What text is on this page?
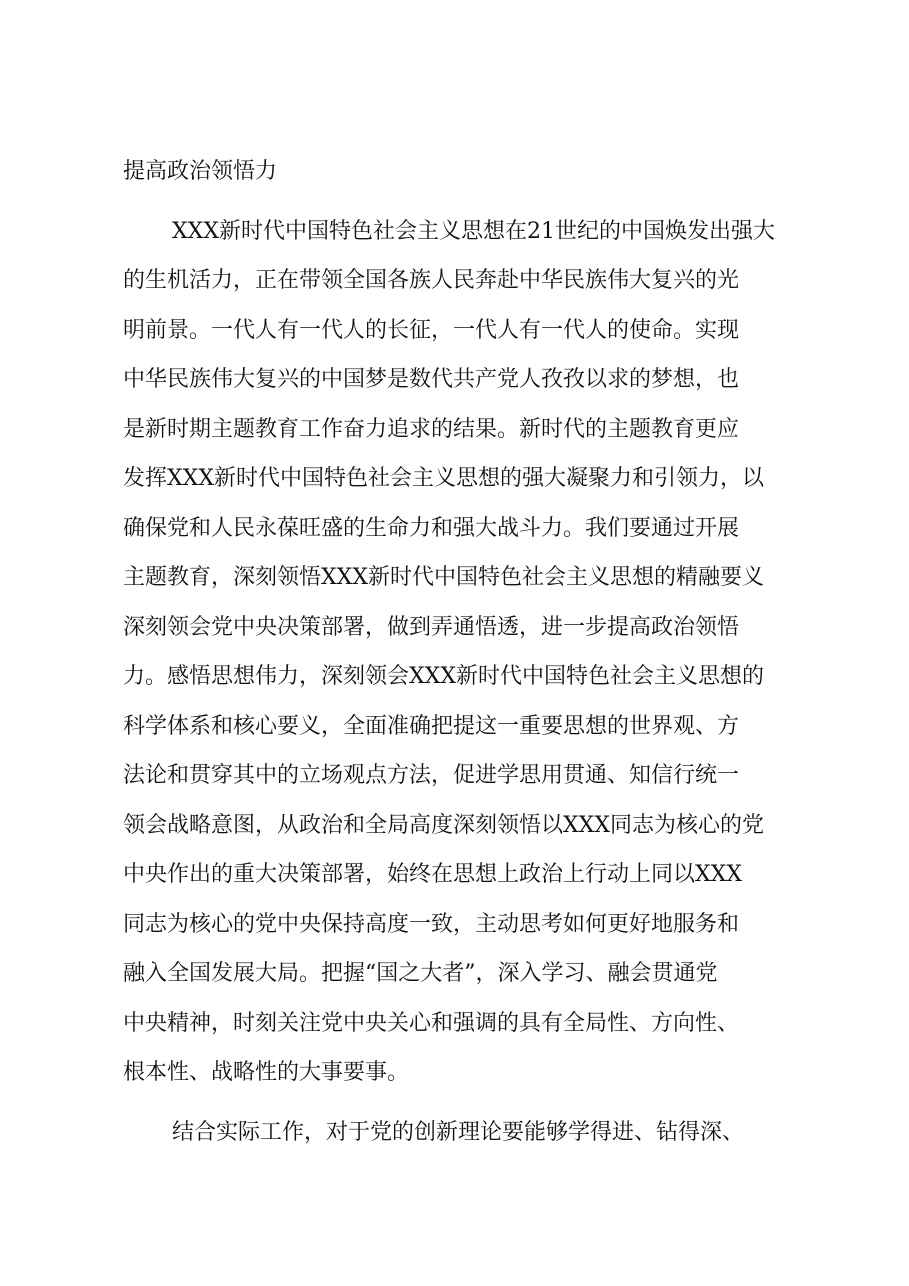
提高政治领悟力
XXX新时代中国特色社会主义思想在21世纪的中国焕发出强大
的生机活力，正在带领全国各族人民奔赴中华民族伟大复兴的光
明前景。一代人有一代人的长征，一代人有一代人的使命。实现
中华民族伟大复兴的中国梦是数代共产党人孜孜以求的梦想，也
是新时期主题教育工作奋力追求的结果。新时代的主题教育更应
发挥XXX新时代中国特色社会主义思想的强大凝聚力和引领力，以
确保党和人民永葆旺盛的生命力和强大战斗力。我们要通过开展
主题教育，深刻领悟XXX新时代中国特色社会主义思想的精融要义
深刻领会党中央决策部署，做到弄通悟透，进一步提高政治领悟
力。感悟思想伟力，深刻领会XXX新时代中国特色社会主义思想的
科学体系和核心要义，全面准确把提这一重要思想的世界观、方
法论和贯穿其中的立场观点方法，促进学思用贯通、知信行统一
领会战略意图，从政治和全局高度深刻领悟以XXX同志为核心的党
中央作出的重大决策部署，始终在思想上政治上行动上同以XXX
同志为核心的党中央保持高度一致，主动思考如何更好地服务和
融入全国发展大局。把握“国之大者”，深入学习、融会贯通党
中央精神，时刻关注党中央关心和强调的具有全局性、方向性、
根本性、战略性的大事要事。
结合实际工作，对于党的创新理论要能够学得进、钻得深、
